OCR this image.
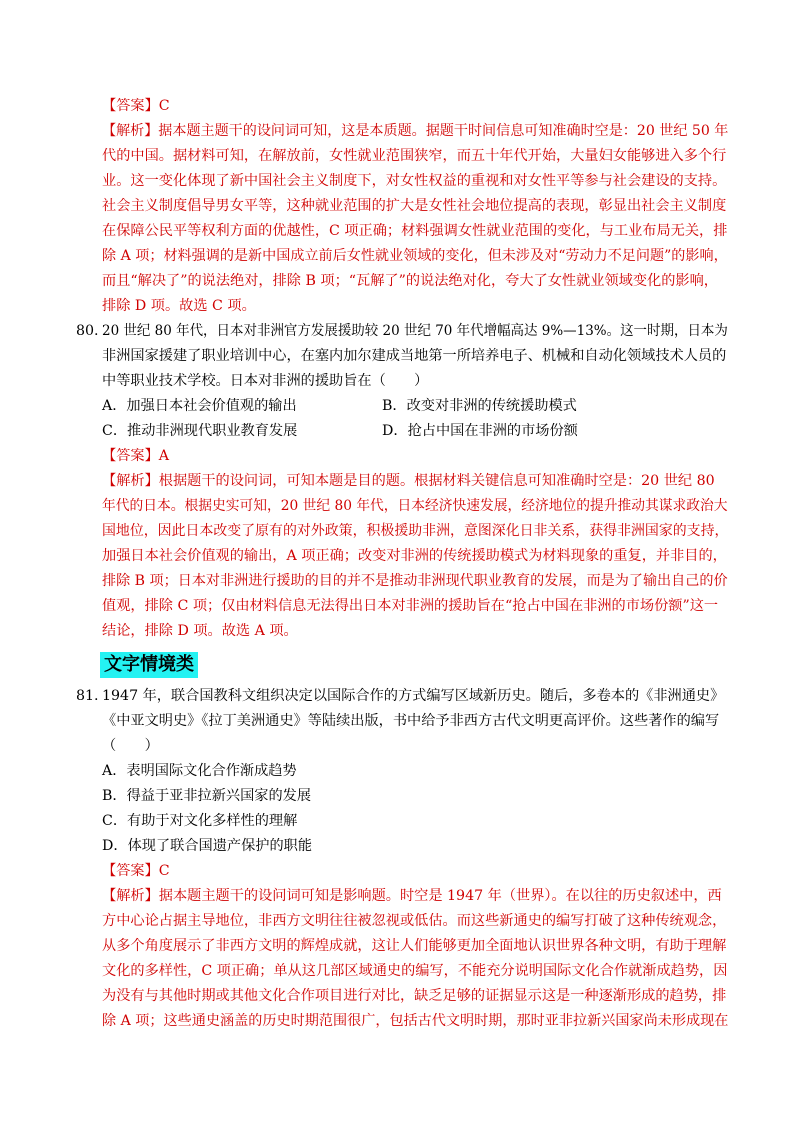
【答案】C
【解析】据本题主题干的设问词可知，这是本质题。据题干时间信息可知准确时空是：20 世纪 50 年
代的中国。据材料可知，在解放前，女性就业范围狭窄，而五十年代开始，大量妇女能够进入多个行
业。这一变化体现了新中国社会主义制度下，对女性权益的重视和对女性平等参与社会建设的支持。
社会主义制度倡导男女平等，这种就业范围的扩大是女性社会地位提高的表现，彰显出社会主义制度
在保障公民平等权利方面的优越性，C 项正确；材料强调女性就业范围的变化，与工业布局无关，排
除 A 项；材料强调的是新中国成立前后女性就业领域的变化，但未涉及对“劳动力不足问题”的影响，
而且“解决了”的说法绝对，排除 B 项；“瓦解了”的说法绝对化，夸大了女性就业领域变化的影响，
排除 D 项。故选 C 项。
80. 20 世纪 80 年代，日本对非洲官方发展援助较 20 世纪 70 年代增幅高达 9%—13%。这一时期，日本为
非洲国家援建了职业培训中心，在塞内加尔建成当地第一所培养电子、机械和自动化领域技术人员的
中等职业技术学校。日本对非洲的援助旨在（　　）
A．加强日本社会价值观的输出	B．改变对非洲的传统援助模式
C．推动非洲现代职业教育发展	D．抢占中国在非洲的市场份额
【答案】A
【解析】根据题干的设问词，可知本题是目的题。根据材料关键信息可知准确时空是：20 世纪 80
年代的日本。根据史实可知，20 世纪 80 年代，日本经济快速发展，经济地位的提升推动其谋求政治大
国地位，因此日本改变了原有的对外政策，积极援助非洲，意图深化日非关系，获得非洲国家的支持，
加强日本社会价值观的输出，A 项正确；改变对非洲的传统援助模式为材料现象的重复，并非目的，
排除 B 项；日本对非洲进行援助的目的并不是推动非洲现代职业教育的发展，而是为了输出自己的价
值观，排除 C 项；仅由材料信息无法得出日本对非洲的援助旨在“抢占中国在非洲的市场份额”这一
结论，排除 D 项。故选 A 项。
文字情境类
81. 1947 年，联合国教科文组织决定以国际合作的方式编写区域新历史。随后，多卷本的《非洲通史》
《中亚文明史》《拉丁美洲通史》等陆续出版，书中给予非西方古代文明更高评价。这些著作的编写
（　　）
A．表明国际文化合作渐成趋势
B．得益于亚非拉新兴国家的发展
C．有助于对文化多样性的理解
D．体现了联合国遗产保护的职能
【答案】C
【解析】据本题主题干的设问词可知是影响题。时空是 1947 年（世界）。在以往的历史叙述中，西
方中心论占据主导地位，非西方文明往往被忽视或低估。而这些新通史的编写打破了这种传统观念，
从多个角度展示了非西方文明的辉煌成就，这让人们能够更加全面地认识世界各种文明，有助于理解
文化的多样性，C 项正确；单从这几部区域通史的编写，不能充分说明国际文化合作就渐成趋势，因
为没有与其他时期或其他文化合作项目进行对比，缺乏足够的证据显示这是一种逐渐形成的趋势，排
除 A 项；这些通史涵盖的历史时期范围很广，包括古代文明时期，那时亚非拉新兴国家尚未形成现在
